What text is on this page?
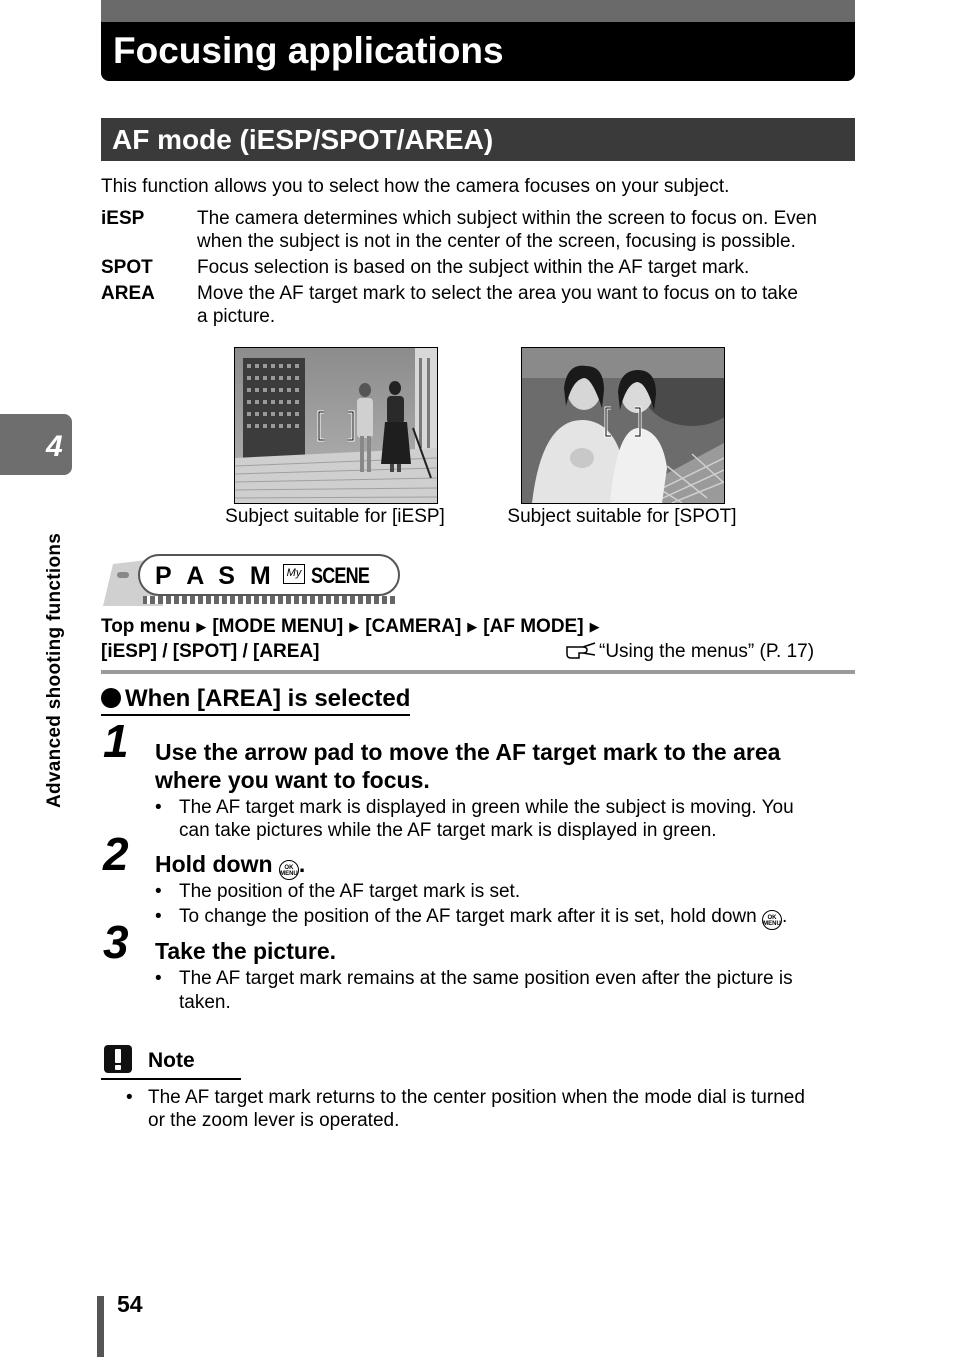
Focusing applications
AF mode (iESP/SPOT/AREA)
This function allows you to select how the camera focuses on your subject.
iESP	The camera determines which subject within the screen to focus on. Even
when the subject is not in the center of the screen, focusing is possible.
SPOT Focus selection is based on the subject within the AF target mark.
AREA Move the AF target mark to select the area you want to focus on to take
a picture.
Subject suitable for [iESP]	Subject suitable for [SPOT]
P A S M	My SCENE
Top menu ▶ [MODE MENU] ▶ [CAMERA] ▶ [AF MODE] ▶
[iESP] / [SPOT] / [AREA]	“Using the menus” (P. 17)
When [AREA] is selected
1 Use the arrow pad to move the AF target mark to the area
where you want to focus.
• The AF target mark is displayed in green while the subject is moving. You
can take pictures while the AF target mark is displayed in green.
2 Hold down	OK
MENU .
• The position of the AF target mark is set.
• To change the position of the AF target mark after it is set, hold down	OK
MENU .
3 Take the picture.
• The AF target mark remains at the same position even after the picture is
taken.
Note
• The AF target mark returns to the center position when the mode dial is turned
or the zoom lever is operated.
4
Advanced shooting functions
54
